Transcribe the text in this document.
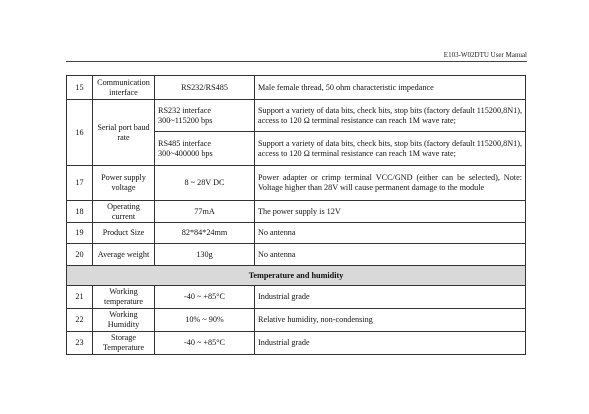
E103-W02DTU User Manual
15	Communication interface	RS232/RS485	Male female thread, 50 ohm characteristic impedance
16	Serial port baud rate	RS232 interface 300~115200 bps	Support a variety of data bits, check bits, stop bits (factory default 115200,8N1), access to 120 Ω terminal resistance can reach 1M wave rate;
		RS485 interface 300~400000 bps	Support a variety of data bits, check bits, stop bits (factory default 115200,8N1), access to 120 Ω terminal resistance can reach 1M wave rate;
17	Power supply voltage	8 ~ 28V DC	Power adapter or crimp terminal VCC/GND (either can be selected), Note: Voltage higher than 28V will cause permanent damage to the module
18	Operating current	77mA	The power supply is 12V
19	Product Size	82*84*24mm	No antenna
20	Average weight	130g	No antenna
Temperature and humidity			
21	Working temperature	-40 ~ +85°C	Industrial grade
22	Working Humidity	10% ~ 90%	Relative humidity, non-condensing
23	Storage Temperature	-40 ~ +85°C	Industrial grade
